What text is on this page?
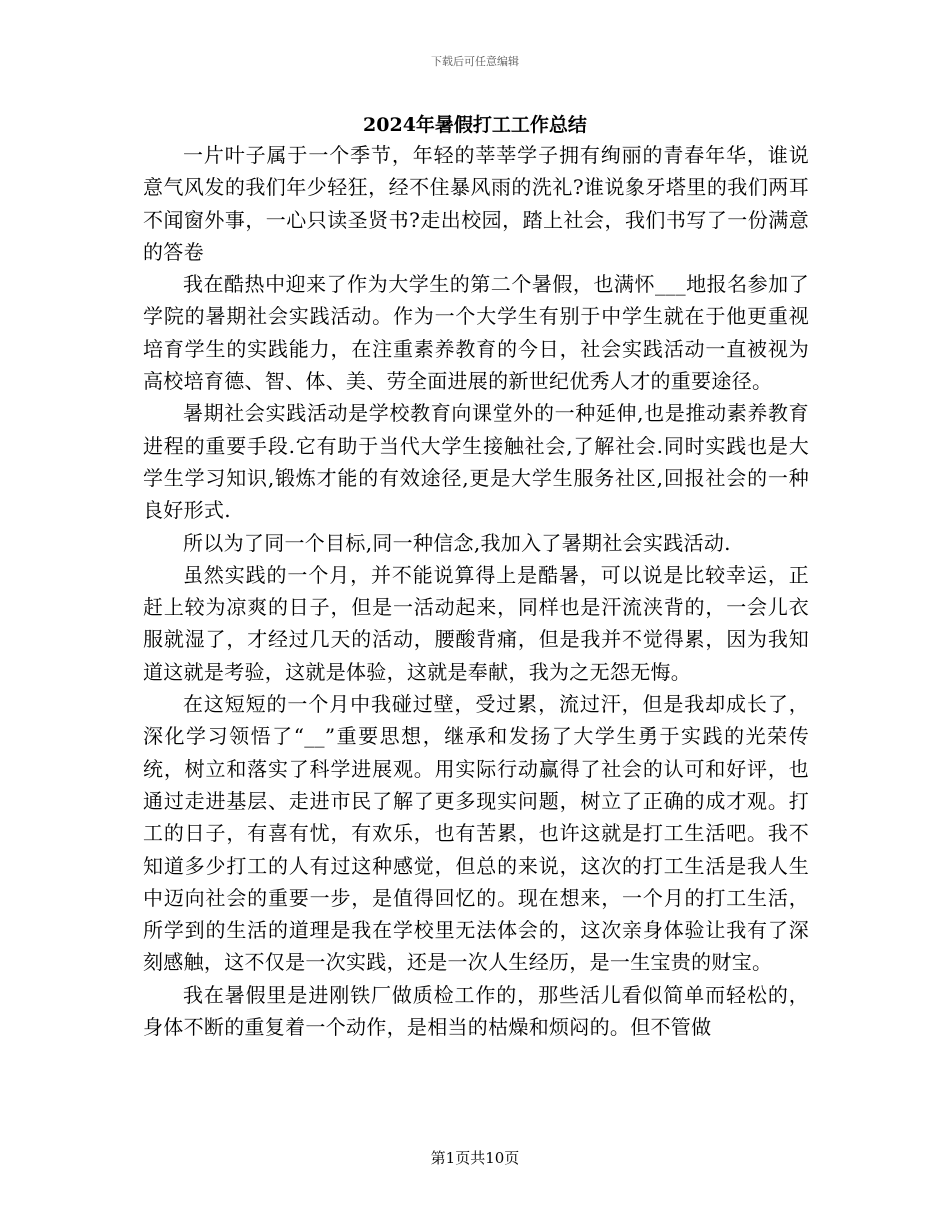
下载后可任意编辑
2024年暑假打工工作总结

一片叶子属于一个季节，年轻的莘莘学子拥有绚丽的青春年华，谁说意气风发的我们年少轻狂，经不住暴风雨的洗礼?谁说象牙塔里的我们两耳不闻窗外事，一心只读圣贤书?走出校园，踏上社会，我们书写了一份满意的答卷

我在酷热中迎来了作为大学生的第二个暑假，也满怀___地报名参加了学院的暑期社会实践活动。作为一个大学生有别于中学生就在于他更重视培育学生的实践能力，在注重素养教育的今日，社会实践活动一直被视为高校培育德、智、体、美、劳全面进展的新世纪优秀人才的重要途径。

暑期社会实践活动是学校教育向课堂外的一种延伸,也是推动素养教育进程的重要手段.它有助于当代大学生接触社会,了解社会.同时实践也是大学生学习知识,锻炼才能的有效途径,更是大学生服务社区,回报社会的一种良好形式.

所以为了同一个目标,同一种信念,我加入了暑期社会实践活动.

虽然实践的一个月，并不能说算得上是酷暑，可以说是比较幸运，正赶上较为凉爽的日子，但是一活动起来，同样也是汗流浃背的，一会儿衣服就湿了，才经过几天的活动，腰酸背痛，但是我并不觉得累，因为我知道这就是考验，这就是体验，这就是奉献，我为之无怨无悔。

在这短短的一个月中我碰过壁，受过累，流过汗，但是我却成长了，深化学习领悟了“__”重要思想，继承和发扬了大学生勇于实践的光荣传统，树立和落实了科学进展观。用实际行动赢得了社会的认可和好评，也通过走进基层、走进市民了解了更多现实问题，树立了正确的成才观。打工的日子，有喜有忧，有欢乐，也有苦累，也许这就是打工生活吧。我不知道多少打工的人有过这种感觉，但总的来说，这次的打工生活是我人生中迈向社会的重要一步，是值得回忆的。现在想来，一个月的打工生活，所学到的生活的道理是我在学校里无法体会的，这次亲身体验让我有了深刻感触，这不仅是一次实践，还是一次人生经历，是一生宝贵的财宝。

我在暑假里是进刚铁厂做质检工作的，那些活儿看似简单而轻松的，身体不断的重复着一个动作，是相当的枯燥和烦闷的。但不管做

第1页共10页
